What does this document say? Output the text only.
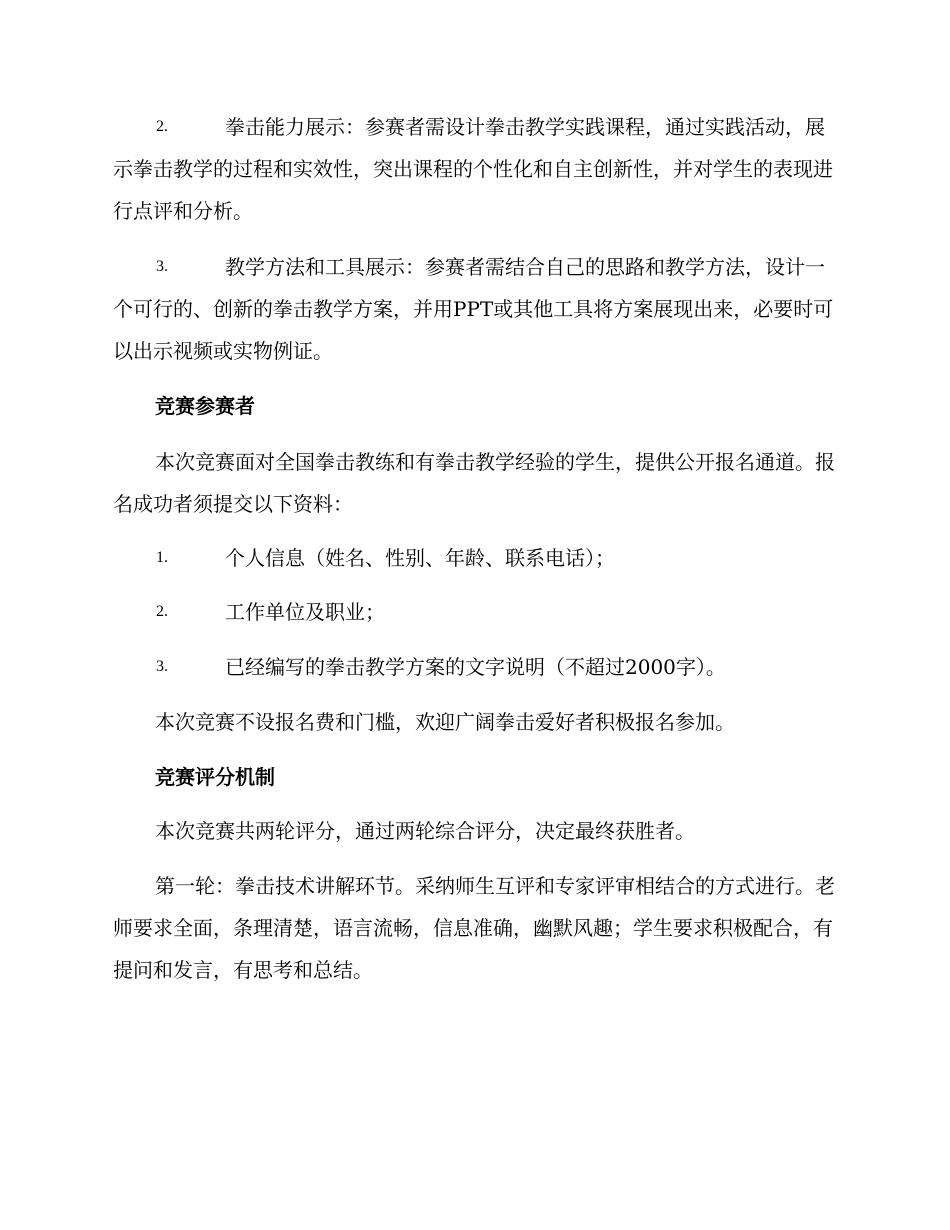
2.	拳击能力展示：参赛者需设计拳击教学实践课程，通过实践活动，展示拳击教学的过程和实效性，突出课程的个性化和自主创新性，并对学生的表现进行点评和分析。
3.	教学方法和工具展示：参赛者需结合自己的思路和教学方法，设计一个可行的、创新的拳击教学方案，并用PPT或其他工具将方案展现出来，必要时可以出示视频或实物例证。
竞赛参赛者
本次竞赛面对全国拳击教练和有拳击教学经验的学生，提供公开报名通道。报名成功者须提交以下资料：
1.	个人信息（姓名、性别、年龄、联系电话）；
2.	工作单位及职业；
3.	已经编写的拳击教学方案的文字说明（不超过2000字）。
本次竞赛不设报名费和门槛，欢迎广阔拳击爱好者积极报名参加。
竞赛评分机制
本次竞赛共两轮评分，通过两轮综合评分，决定最终获胜者。
第一轮：拳击技术讲解环节。采纳师生互评和专家评审相结合的方式进行。老师要求全面，条理清楚，语言流畅，信息准确，幽默风趣；学生要求积极配合，有提问和发言，有思考和总结。
